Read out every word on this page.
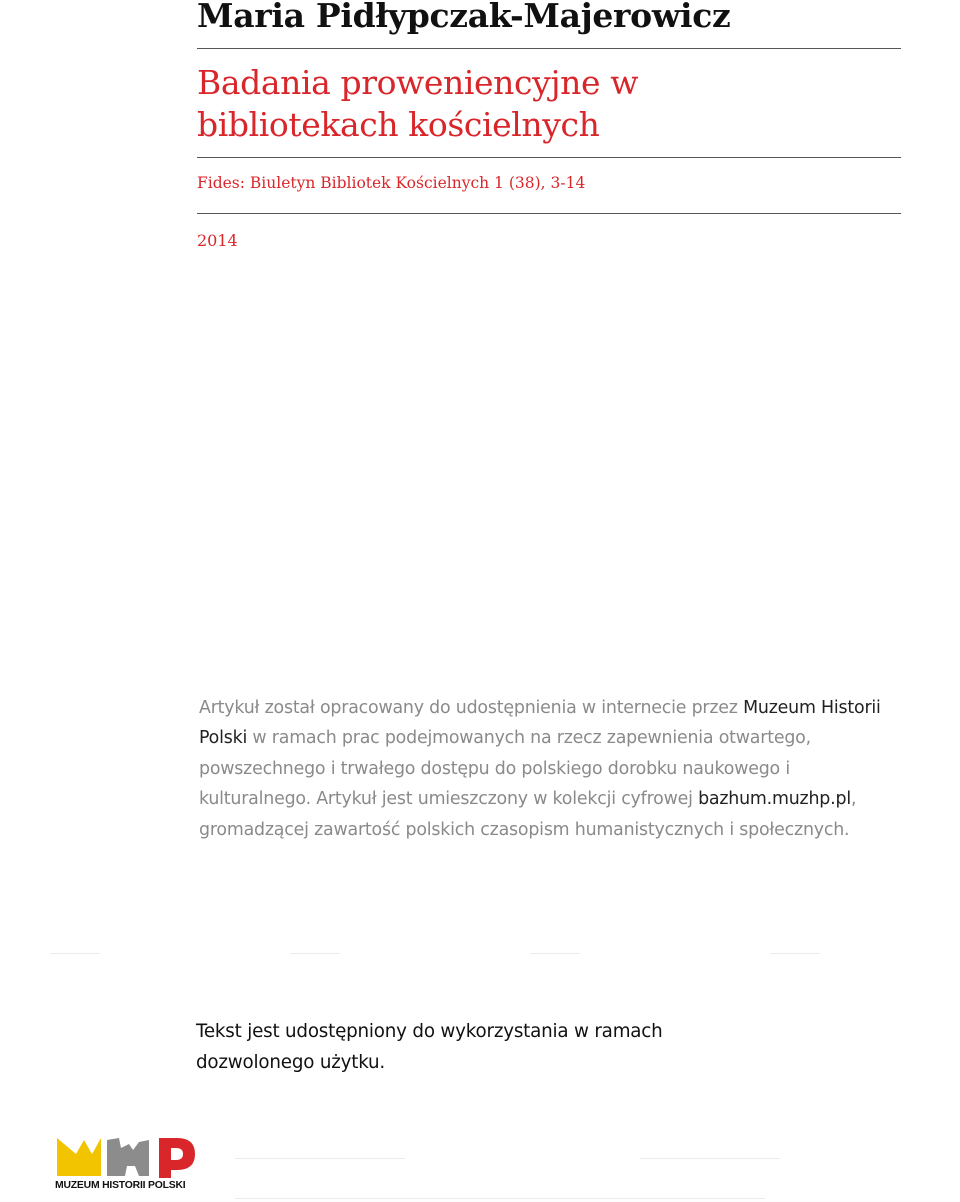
Maria Pidłypczak-Majerowicz
Badania proweniencyjne w bibliotekach kościelnych
Fides: Biuletyn Bibliotek Kościelnych 1 (38), 3-14
2014
Artykuł został opracowany do udostępnienia w internecie przez Muzeum Historii Polski w ramach prac podejmowanych na rzecz zapewnienia otwartego, powszechnego i trwałego dostępu do polskiego dorobku naukowego i kulturalnego. Artykuł jest umieszczony w kolekcji cyfrowej bazhum.muzhp.pl, gromadzącej zawartość polskich czasopism humanistycznych i społecznych.
Tekst jest udostępniony do wykorzystania w ramach dozwolonego użytku.
MUZEUM HISTORII POLSKI
